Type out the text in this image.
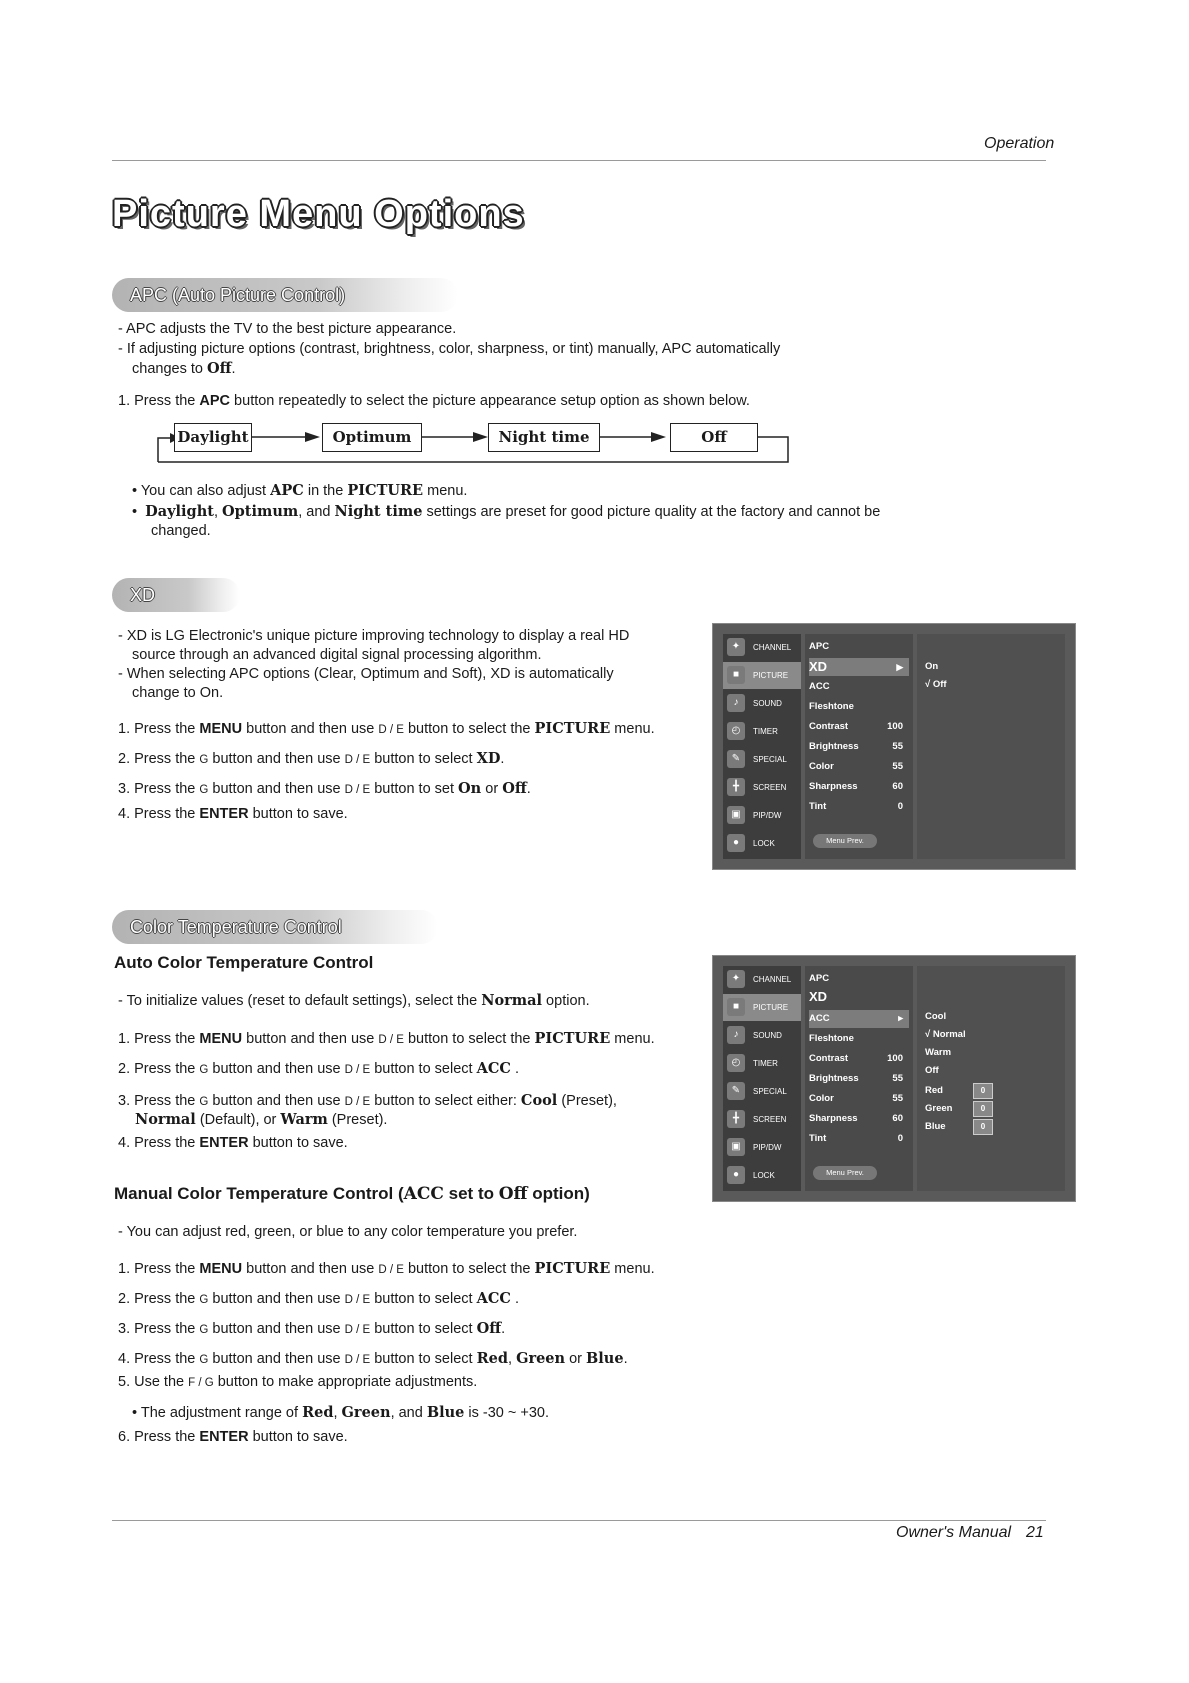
Operation
Picture Menu Options
APC (Auto Picture Control)
- APC adjusts the TV to the best picture appearance.
- If adjusting picture options (contrast, brightness, color, sharpness, or tint) manually, APC automatically
changes to Off.
1. Press the APC button repeatedly to select the picture appearance setup option as shown below.
Daylight	Optimum	Night time	Off
• You can also adjust APC in the PICTURE menu.
•  Daylight, Optimum, and Night time settings are preset for good picture quality at the factory and cannot be
changed.
XD
- XD is LG Electronic's unique picture improving technology to display a real HD
source through an advanced digital signal processing algorithm.
- When selecting APC options (Clear, Optimum and Soft), XD is automatically
change to On.
1. Press the MENU button and then use D / E button to select the PICTURE menu.
2. Press the G button and then use D / E button to select XD.
3. Press the G button and then use D / E button to set On or Off.
4. Press the ENTER button to save.
✦	CHANNEL
■	PICTURE
♪	SOUND
◴	TIMER
✎	SPECIAL
╋	SCREEN
▣	PIP/DW
●	LOCK
APC
XD	▸
ACC
Fleshtone
Contrast	100
Brightness	55
Color	55
Sharpness	60
Tint	0
Menu Prev.
On
√ Off
Color Temperature Control
Auto Color Temperature Control
- To initialize values (reset to default settings), select the Normal option.
1. Press the MENU button and then use D / E button to select the PICTURE menu.
2. Press the G button and then use D / E button to select ACC .
3. Press the G button and then use D / E button to select either: Cool (Preset),
Normal (Default), or Warm (Preset).
4. Press the ENTER button to save.
Manual Color Temperature Control (ACC set to Off option)
- You can adjust red, green, or blue to any color temperature you prefer.
1. Press the MENU button and then use D / E button to select the PICTURE menu.
2. Press the G button and then use D / E button to select ACC .
3. Press the G button and then use D / E button to select Off.
4. Press the G button and then use D / E button to select Red, Green or Blue.
5. Use the F / G button to make appropriate adjustments.
• The adjustment range of Red, Green, and Blue is -30 ~ +30.
6. Press the ENTER button to save.
✦	CHANNEL
■	PICTURE
♪	SOUND
◴	TIMER
✎	SPECIAL
╋	SCREEN
▣	PIP/DW
●	LOCK
APC
XD
ACC	▸
Fleshtone
Contrast	100
Brightness	55
Color	55
Sharpness	60
Tint	0
Menu Prev.
Cool
√ Normal
Warm
Off
Red	0
Green	0
Blue	0
Owner's Manual 21
